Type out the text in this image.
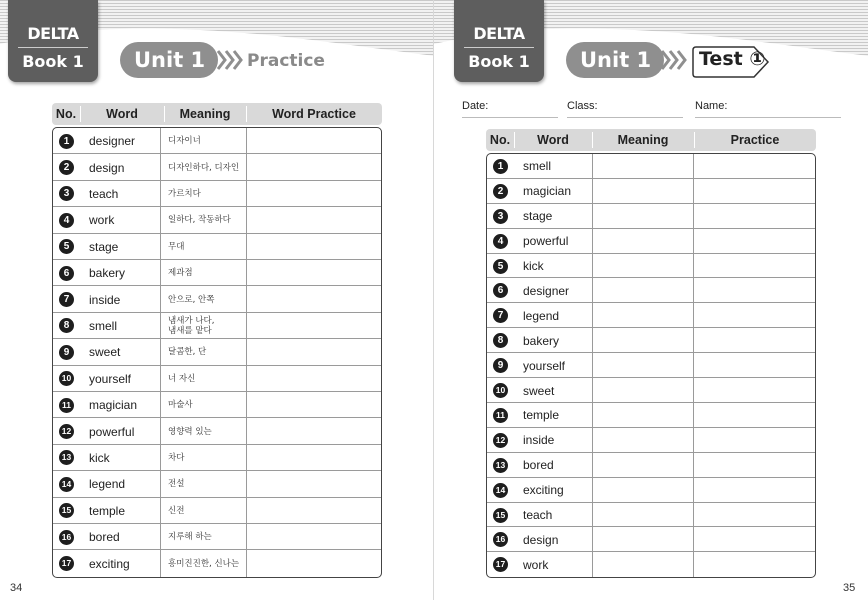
DELTA
Book 1	Unit 1	Practice
No.	Word	Meaning	Word Practice
1	designer	디자이너
2	design	디자인하다, 디자인
3	teach	가르치다
4	work	일하다, 작동하다
5	stage	무대
6	bakery	제과점
7	inside	안으로, 안쪽
8	smell	냄새가 나다,
냄새를 맡다
9	sweet	달콤한, 단
10 yourself	너 자신
11 magician	마술사
12 powerful	영향력 있는
13 kick	차다
14 legend	전설
15 temple	신전
16 bored	지루해 하는
17 exciting	흥미진진한, 신나는
34
DELTA
Book 1	Unit 1	Test ①
Date:	Class:	Name:
No.	Word	Meaning	Practice
1	smell
2	magician
3	stage
4	powerful
5	kick
6	designer
7	legend
8	bakery
9	yourself
10 sweet
11 temple
12 inside
13 bored
14 exciting
15 teach
16 design
17 work
35
